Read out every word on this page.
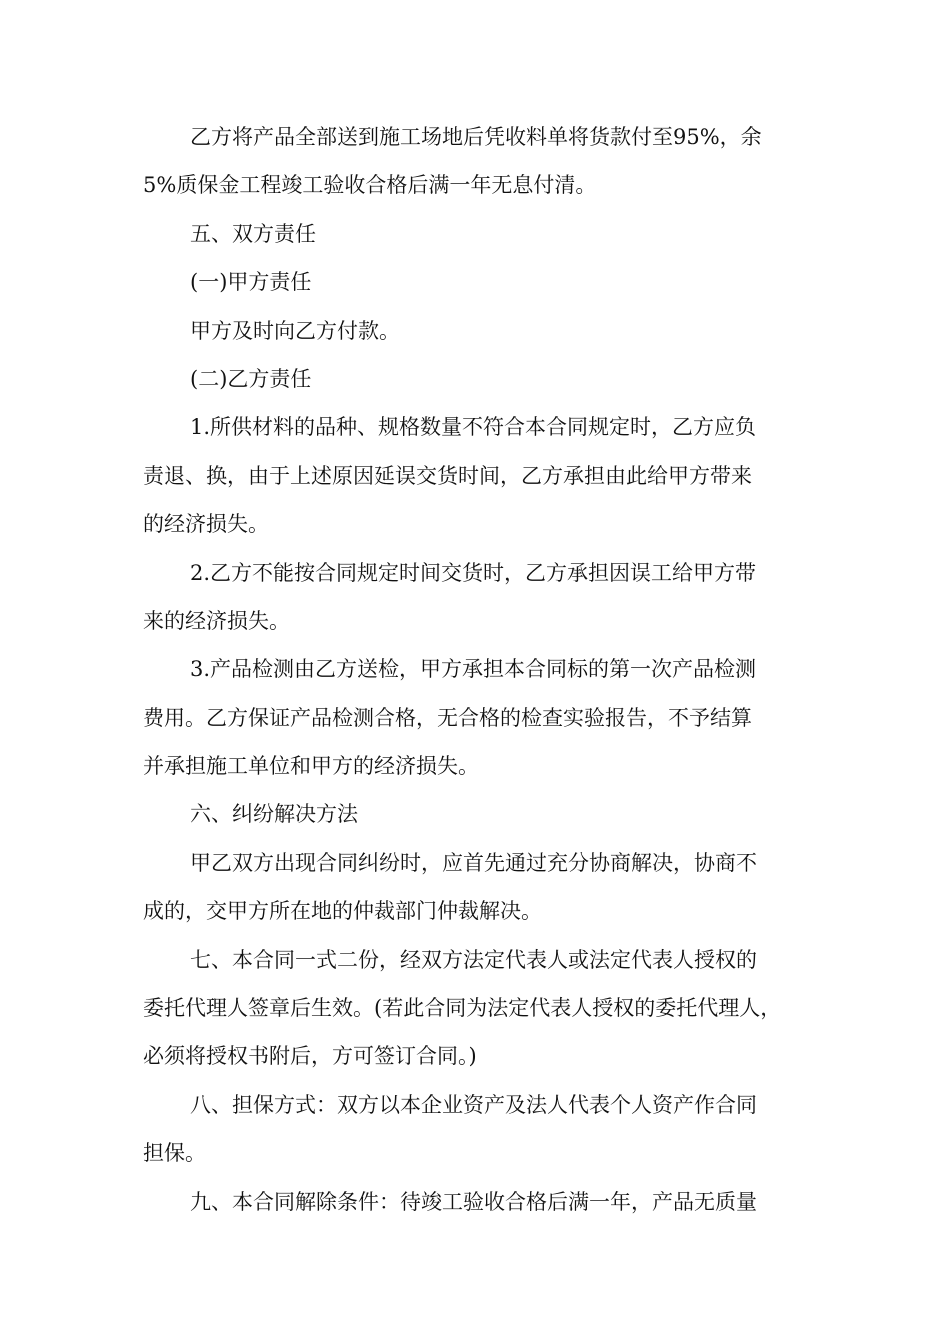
乙方将产品全部送到施工场地后凭收料单将货款付至95%，余
5%质保金工程竣工验收合格后满一年无息付清。
五、双方责任
(一)甲方责任
甲方及时向乙方付款。
(二)乙方责任
1.所供材料的品种、规格数量不符合本合同规定时，乙方应负
责退、换，由于上述原因延误交货时间，乙方承担由此给甲方带来
的经济损失。
2.乙方不能按合同规定时间交货时，乙方承担因误工给甲方带
来的经济损失。
3.产品检测由乙方送检，甲方承担本合同标的第一次产品检测
费用。乙方保证产品检测合格，无合格的检查实验报告，不予结算
并承担施工单位和甲方的经济损失。
六、纠纷解决方法
甲乙双方出现合同纠纷时，应首先通过充分协商解决，协商不
成的，交甲方所在地的仲裁部门仲裁解决。
七、本合同一式二份，经双方法定代表人或法定代表人授权的
委托代理人签章后生效。(若此合同为法定代表人授权的委托代理人，
必须将授权书附后，方可签订合同。)
八、担保方式：双方以本企业资产及法人代表个人资产作合同
担保。
九、本合同解除条件：待竣工验收合格后满一年，产品无质量
